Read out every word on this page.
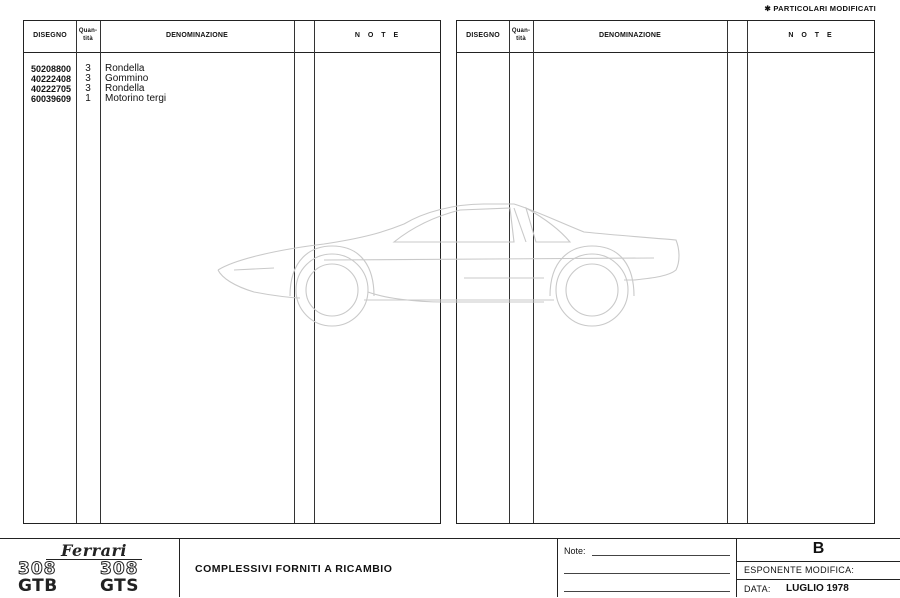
✱ PARTICOLARI MODIFICATI
DISEGNO
Quan-
tità	DENOMINAZIONE	N O T E
50208800	3	Rondella
40222408	3	Gommino
40222705	3	Rondella
60039609	1	Motorino tergi
DISEGNO
Quan-
tità	DENOMINAZIONE	N O T E
Ferrari
308
GTB
308
GTS
COMPLESSIVI FORNITI A RICAMBIO
Note:	B
ESPONENTE MODIFICA:
DATA: LUGLIO 1978
